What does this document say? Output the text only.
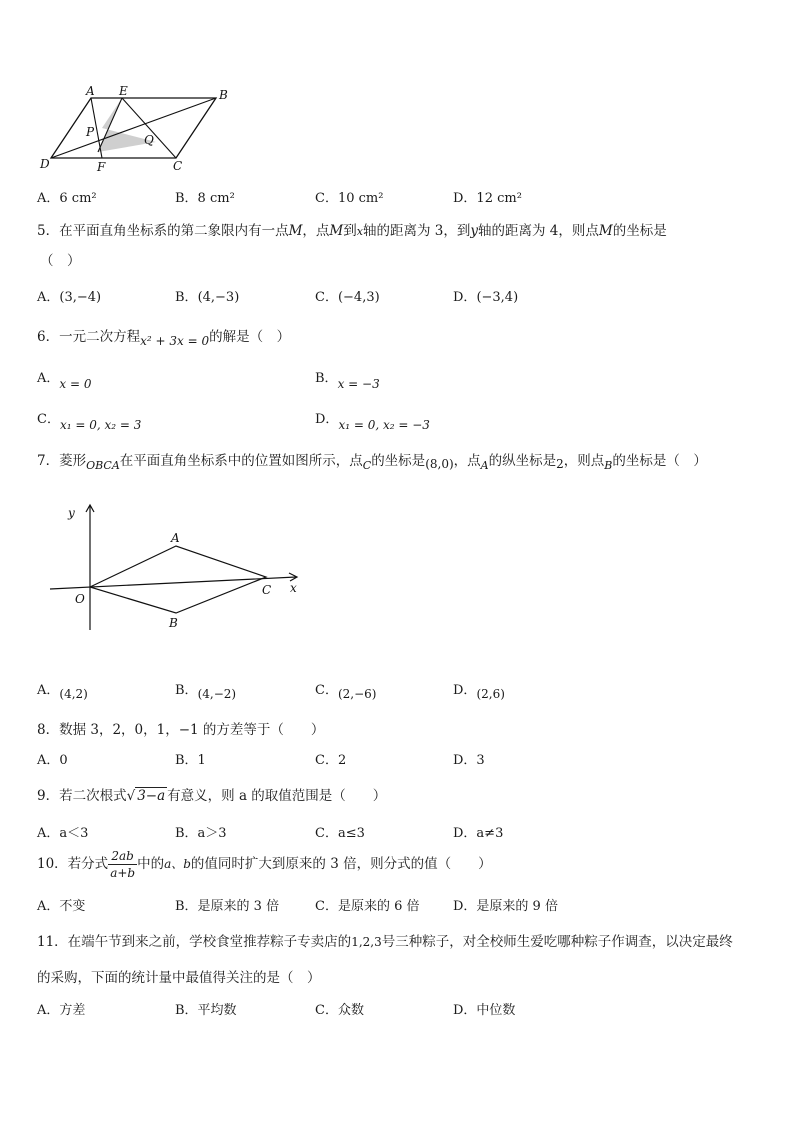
A E	B
P
Q
D	F	C
A．6 cm²	B．8 cm²	C．10 cm²	D．12 cm²
5．在平面直角坐标系的第二象限内有一点M，点M到x轴的距离为 3，到y轴的距离为 4，则点M的坐标是
（　）
A．(3,−4)	B．(4,−3)	C．(−4,3)	D．(−3,4)
6．一元二次方程x² + 3x = 0的解是（　）
A．x = 0	B．x = −3
C．x₁ = 0, x₂ = 3	D．x₁ = 0, x₂ = −3
7．菱形$_{OBCA}$在平面直角坐标系中的位置如图所示，点$_C$的坐标是(8,0)，点$_A$的纵坐标是2，则点$_B$的坐标是（　）
y
x
O
A
B
C
A．(4,2)	B．(4,−2)	C．(2,−6)	D．(2,6)
8．数据 3，2，0，1，−1 的方差等于（　　）
A．0	B．1	C．2	D．3
9．若二次根式√ 3−a 有意义，则 a 的取值范围是（　　）
A．a＜3	B．a＞3	C．a≤3	D．a≠3
10．若分式 $\frac{2ab}{a+b}$ 中的a、b的值同时扩大到原来的 3 倍，则分式的值（　　）
A．不变	B．是原来的 3 倍	C．是原来的 6 倍	D．是原来的 9 倍
11．在端午节到来之前，学校食堂推荐粽子专卖店的1,2,3号三种粽子，对全校师生爱吃哪种粽子作调查，以决定最终
的采购，下面的统计量中最值得关注的是（　）
A．方差	B．平均数	C．众数	D．中位数
